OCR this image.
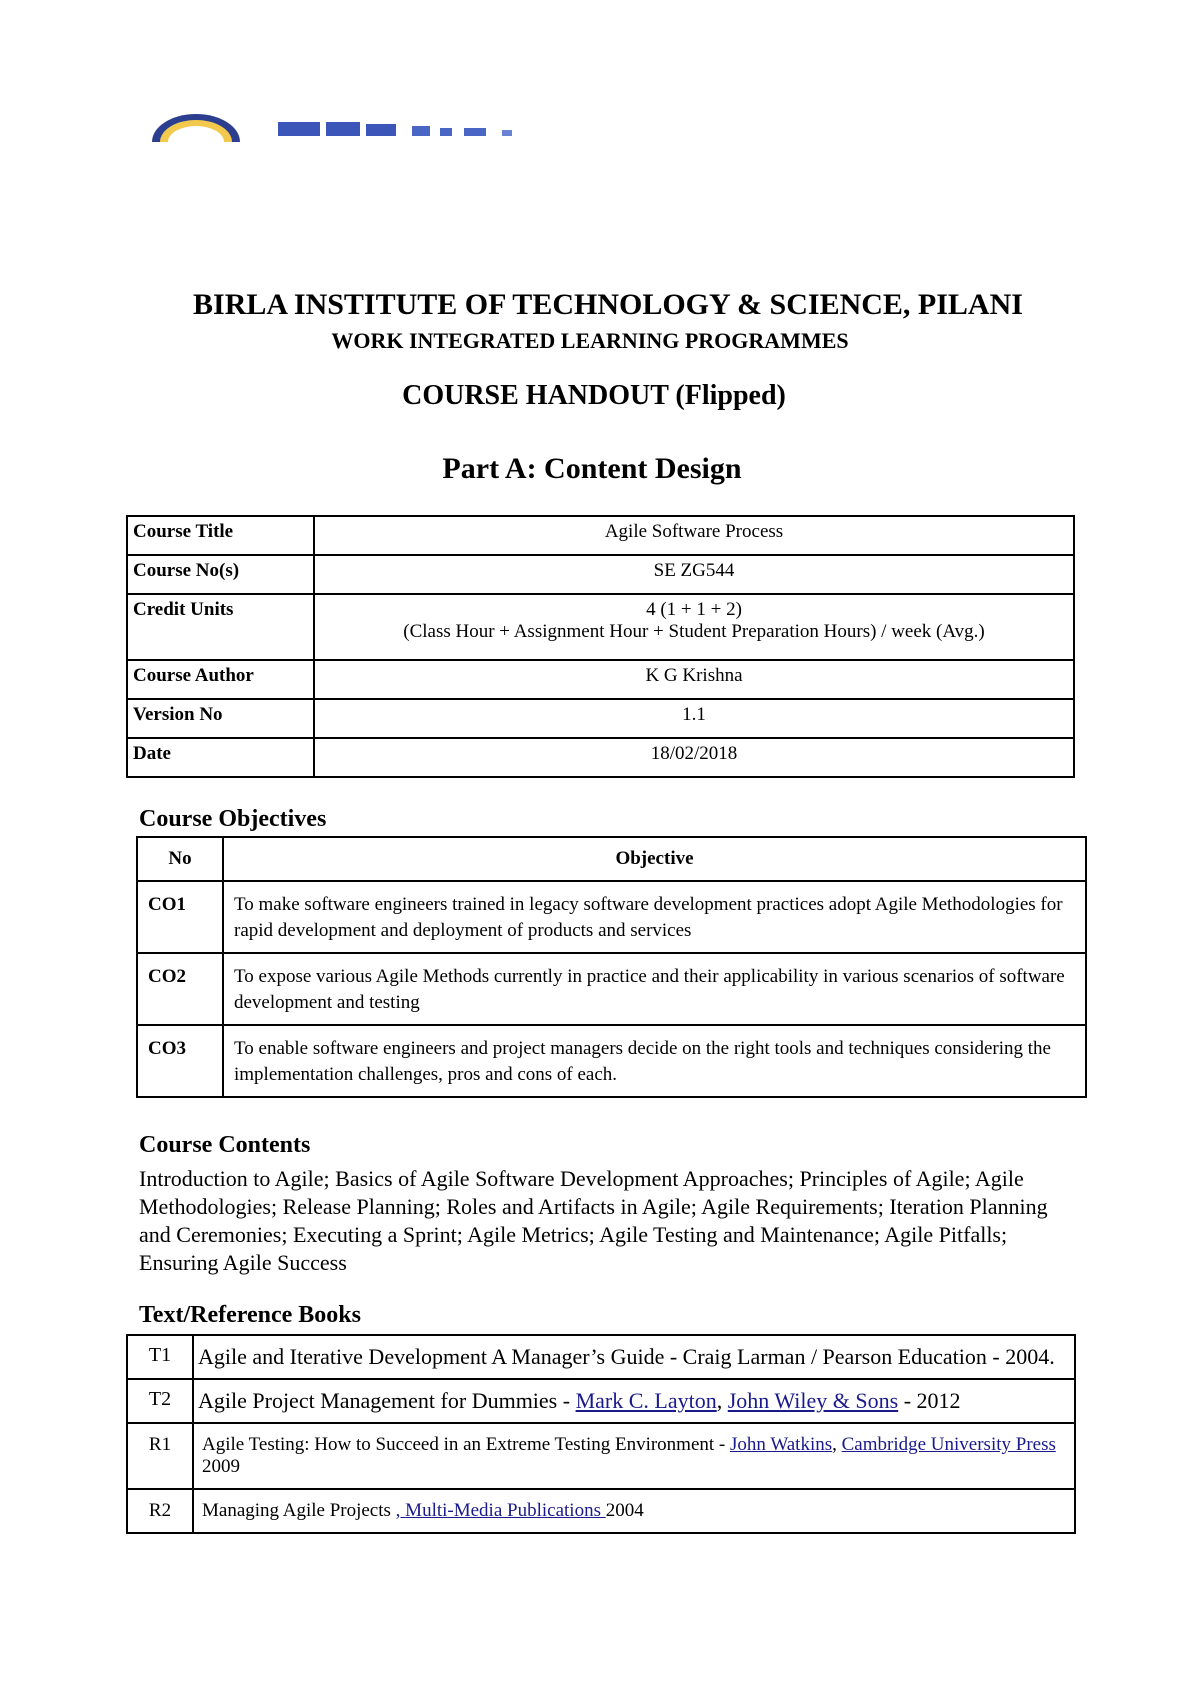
BIRLA INSTITUTE OF TECHNOLOGY & SCIENCE, PILANI
WORK INTEGRATED LEARNING PROGRAMMES
COURSE HANDOUT (Flipped)
Part A: Content Design
Course Title	Agile Software Process
Course No(s)	SE ZG544
Credit Units	4 (1 + 1 + 2)
(Class Hour + Assignment Hour + Student Preparation Hours) / week (Avg.)

Course Author	K G Krishna
Version No	1.1
Date	18/02/2018
Course Objectives
No	Objective
CO1	To make software engineers trained in legacy software development practices adopt Agile Methodologies for rapid development and deployment of products and services
CO2	To expose various Agile Methods currently in practice and their applicability in various scenarios of software development and testing
CO3	To enable software engineers and project managers decide on the right tools and techniques considering the implementation challenges, pros and cons of each.
Course Contents
Introduction to Agile; Basics of Agile Software Development Approaches; Principles of Agile; Agile Methodologies; Release Planning; Roles and Artifacts in Agile; Agile Requirements; Iteration Planning and Ceremonies; Executing a Sprint; Agile Metrics; Agile Testing and Maintenance; Agile Pitfalls; Ensuring Agile Success
Text/Reference Books
T1	Agile and Iterative Development A Manager’s Guide - Craig Larman / Pearson Education - 2004.
T2	Agile Project Management for Dummies - Mark C. Layton, John Wiley & Sons - 2012
R1	Agile Testing: How to Succeed in an Extreme Testing Environment - John Watkins, Cambridge University Press 2009
R2	Managing Agile Projects , Multi-Media Publications 2004
